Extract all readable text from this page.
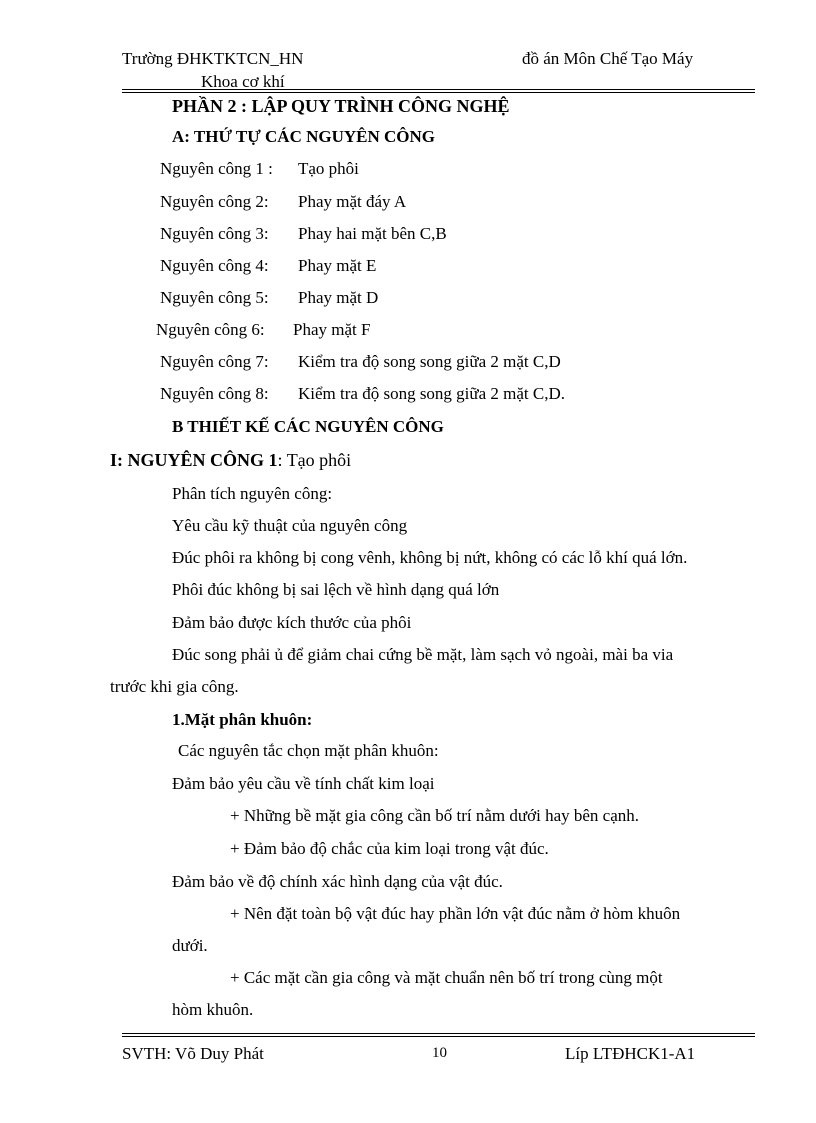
Trường ĐHKTKTCN_HN
Khoa cơ khí
đồ án Môn Chế Tạo Máy
PHẦN 2 : LẬP QUY TRÌNH CÔNG NGHỆ
A: THỨ TỰ CÁC NGUYÊN CÔNG
Nguyên công 1 : Tạo phôi
Nguyên công 2: Phay mặt đáy A
Nguyên công 3: Phay hai mặt bên C,B
Nguyên công 4: Phay mặt E
Nguyên công 5: Phay mặt D
Nguyên công 6: Phay mặt F
Nguyên công 7: Kiểm tra độ song song giữa 2 mặt C,D
Nguyên công 8: Kiểm tra độ song song giữa 2 mặt C,D.
B THIẾT KẾ CÁC NGUYÊN CÔNG
I: NGUYÊN CÔNG 1: Tạo phôi
Phân tích nguyên công:
Yêu cầu kỹ thuật của nguyên công
Đúc phôi ra không bị cong vênh, không bị nứt, không có các lỗ khí quá lớn.
Phôi đúc không bị sai lệch về hình dạng quá lớn
Đảm bảo được kích thước của phôi
Đúc song phải ủ để giảm chai cứng bề mặt, làm sạch vỏ ngoài, mài ba via
trước khi gia công.
1.Mặt phân khuôn:
Các nguyên tắc chọn mặt phân khuôn:
Đảm bảo yêu cầu về tính chất kim loại
+ Những bề mặt gia công cần bố trí nằm dưới hay bên cạnh.
+ Đảm bảo độ chắc của kim loại trong vật đúc.
Đảm bảo về độ chính xác hình dạng của vật đúc.
+ Nên đặt toàn bộ vật đúc hay phần lớn vật đúc nằm ở hòm khuôn
dưới.
+ Các mặt cần gia công và mặt chuẩn nên bố trí trong cùng một
hòm khuôn.
SVTH: Võ Duy Phát	10	Líp LTĐHCK1-A1
